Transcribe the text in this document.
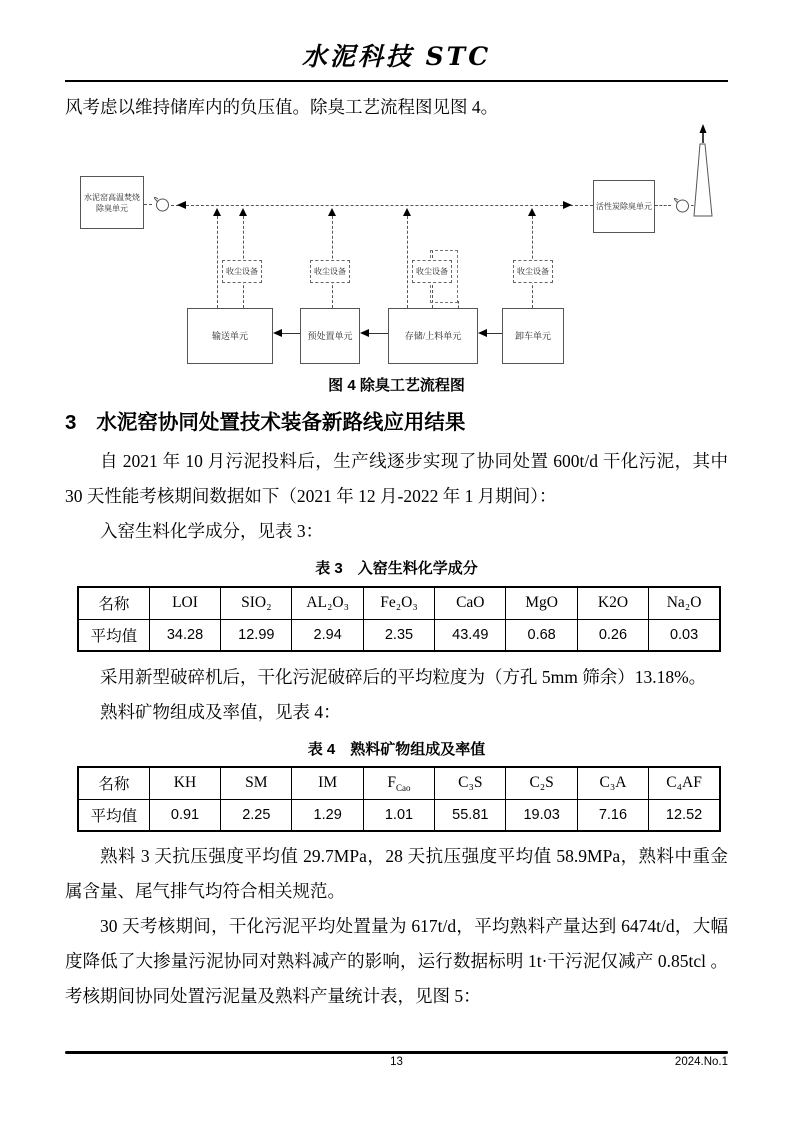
水泥科技 STC

风考虑以维持储库内的负压值。除臭工艺流程图见图 4。

水泥窑高温焚烧除臭单元	活性炭除臭单元
收尘设备	收尘设备	收尘设备	收尘设备
输送单元	预处置单元	存储/上料单元	卸车单元
图 4 除臭工艺流程图
3 水泥窑协同处置技术装备新路线应用结果

自 2021 年 10 月污泥投料后，生产线逐步实现了协同处置 600t/d 干化污泥，其中 30 天性能考核期间数据如下（2021 年 12 月-2022 年 1 月期间）：

入窑生料化学成分，见表 3：

表 3　入窑生料化学成分
名称	LOI	SIO₂	AL₂O₃	Fe₂O₃	CaO	MgO	K2O	Na₂O
平均值	34.28	12.99	2.94	2.35	43.49	0.68	0.26	0.03

采用新型破碎机后，干化污泥破碎后的平均粒度为（方孔 5mm 筛余）13.18%。

熟料矿物组成及率值，见表 4：

表 4　熟料矿物组成及率值
名称	KH	SM	IM	$F_{Cao}$	C₃S	C₂S	C₃A	C₄AF
平均值	0.91	2.25	1.29	1.01	55.81	19.03	7.16	12.52

熟料 3 天抗压强度平均值 29.7MPa，28 天抗压强度平均值 58.9MPa，熟料中重金属含量、尾气排气均符合相关规范。

30 天考核期间，干化污泥平均处置量为 617t/d，平均熟料产量达到 6474t/d，大幅度降低了大掺量污泥协同对熟料减产的影响，运行数据标明 1t·干污泥仅减产 0.85tcl 。考核期间协同处置污泥量及熟料产量统计表，见图 5：

13	2024.No.1
